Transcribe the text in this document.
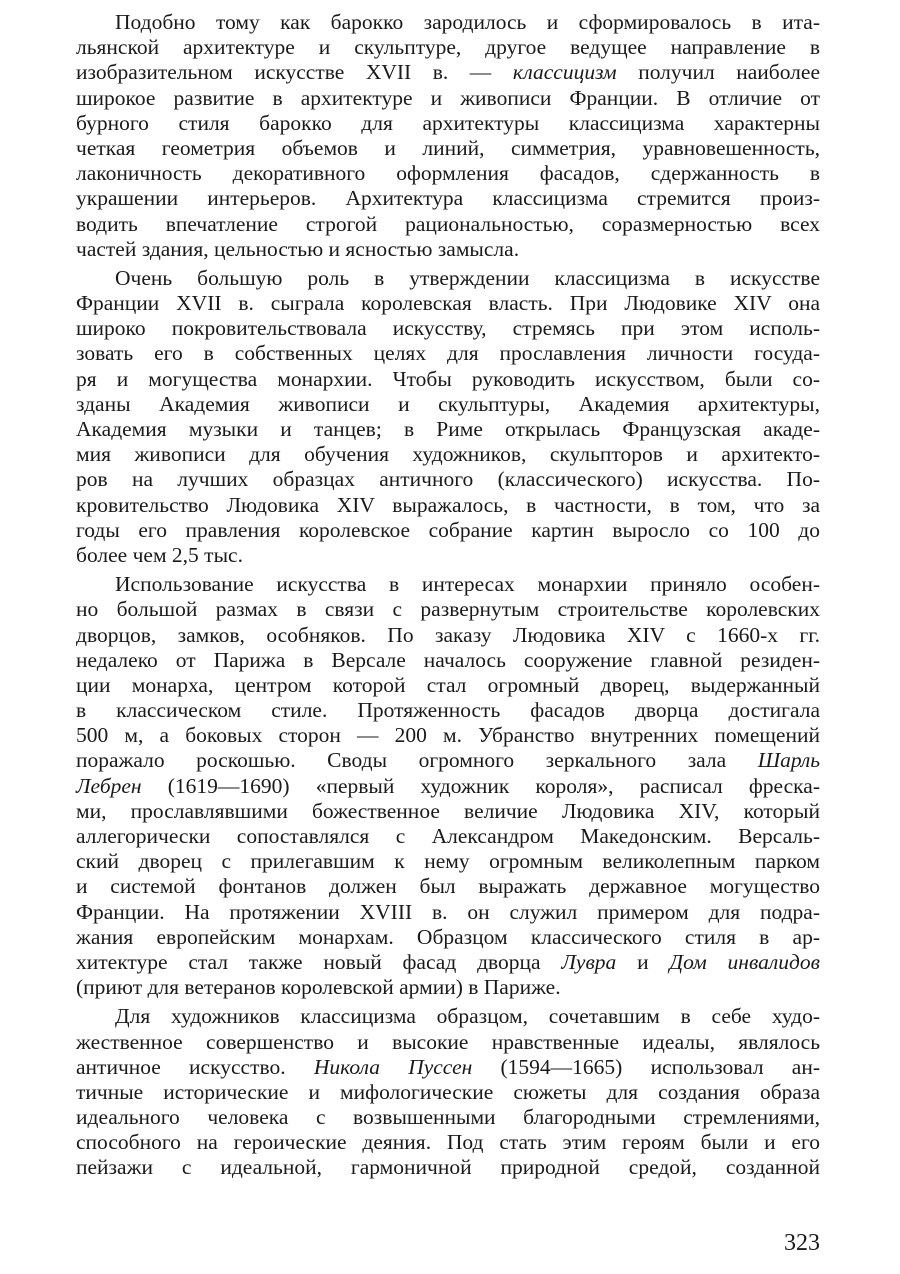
Подобно тому как барокко зародилось и сформировалось в ита-
льянской архитектуре и скульптуре, другое ведущее направление в
изобразительном искусстве XVII в. — классицизм получил наиболее
широкое развитие в архитектуре и живописи Франции. В отличие от
бурного стиля барокко для архитектуры классицизма характерны
четкая геометрия объемов и линий, симметрия, уравновешенность,
лаконичность декоративного оформления фасадов, сдержанность в
украшении интерьеров. Архитектура классицизма стремится произ-
водить впечатление строгой рациональностью, соразмерностью всех
частей здания, цельностью и ясностью замысла.
Очень большую роль в утверждении классицизма в искусстве
Франции XVII в. сыграла королевская власть. При Людовике XIV она
широко покровительствовала искусству, стремясь при этом исполь-
зовать его в собственных целях для прославления личности госуда-
ря и могущества монархии. Чтобы руководить искусством, были со-
зданы Академия живописи и скульптуры, Академия архитектуры,
Академия музыки и танцев; в Риме открылась Французская акаде-
мия живописи для обучения художников, скульпторов и архитекто-
ров на лучших образцах античного (классического) искусства. По-
кровительство Людовика XIV выражалось, в частности, в том, что за
годы его правления королевское собрание картин выросло со 100 до
более чем 2,5 тыс.
Использование искусства в интересах монархии приняло особен-
но большой размах в связи с развернутым строительстве королевских
дворцов, замков, особняков. По заказу Людовика XIV с 1660-х гг.
недалеко от Парижа в Версале началось сооружение главной резиден-
ции монарха, центром которой стал огромный дворец, выдержанный
в классическом стиле. Протяженность фасадов дворца достигала
500 м, а боковых сторон — 200 м. Убранство внутренних помещений
поражало роскошью. Своды огромного зеркального зала Шарль
Лебрен (1619—1690) «первый художник короля», расписал фреска-
ми, прославлявшими божественное величие Людовика XIV, который
аллегорически сопоставлялся с Александром Македонским. Версаль-
ский дворец с прилегавшим к нему огромным великолепным парком
и системой фонтанов должен был выражать державное могущество
Франции. На протяжении XVIII в. он служил примером для подра-
жания европейским монархам. Образцом классического стиля в ар-
хитектуре стал также новый фасад дворца Лувра и Дом инвалидов
(приют для ветеранов королевской армии) в Париже.
Для художников классицизма образцом, сочетавшим в себе худо-
жественное совершенство и высокие нравственные идеалы, являлось
античное искусство. Никола Пуссен (1594—1665) использовал ан-
тичные исторические и мифологические сюжеты для создания образа
идеального человека с возвышенными благородными стремлениями,
способного на героические деяния. Под стать этим героям были и его
пейзажи с идеальной, гармоничной природной средой, созданной
323
